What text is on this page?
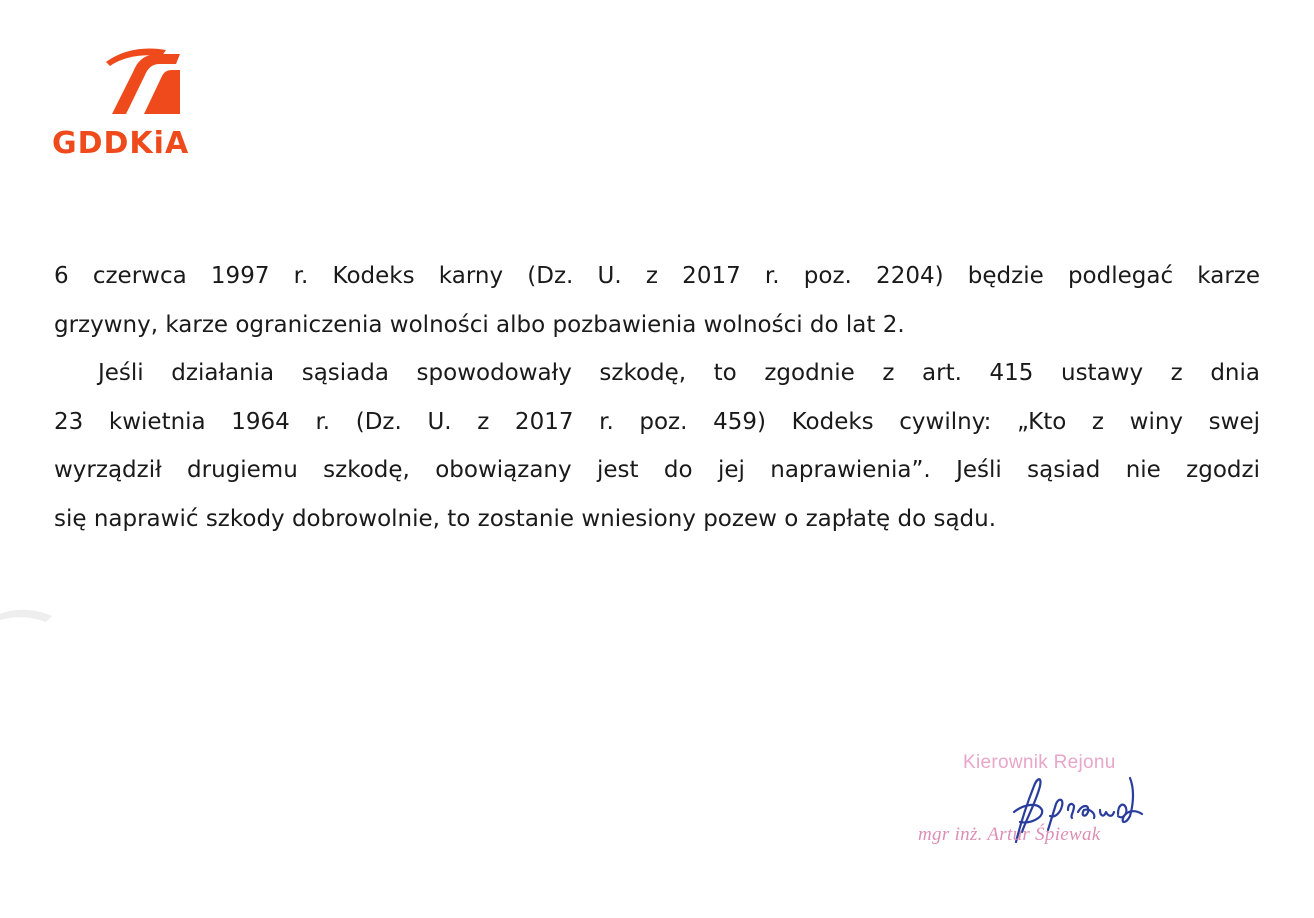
GDDKiA
6 czerwca 1997 r. Kodeks karny (Dz. U. z 2017 r. poz. 2204) będzie podlegać karze
grzywny, karze ograniczenia wolności albo pozbawienia wolności do lat 2.
Jeśli działania sąsiada spowodowały szkodę, to zgodnie z art. 415 ustawy z dnia
23 kwietnia 1964 r. (Dz. U. z 2017 r. poz. 459) Kodeks cywilny: „Kto z winy swej
wyrządził drugiemu szkodę, obowiązany jest do jej naprawienia”. Jeśli sąsiad nie zgodzi
się naprawić szkody dobrowolnie, to zostanie wniesiony pozew o zapłatę do sądu.
Kierownik Rejonu
mgr inż. Artur Śpiewak
